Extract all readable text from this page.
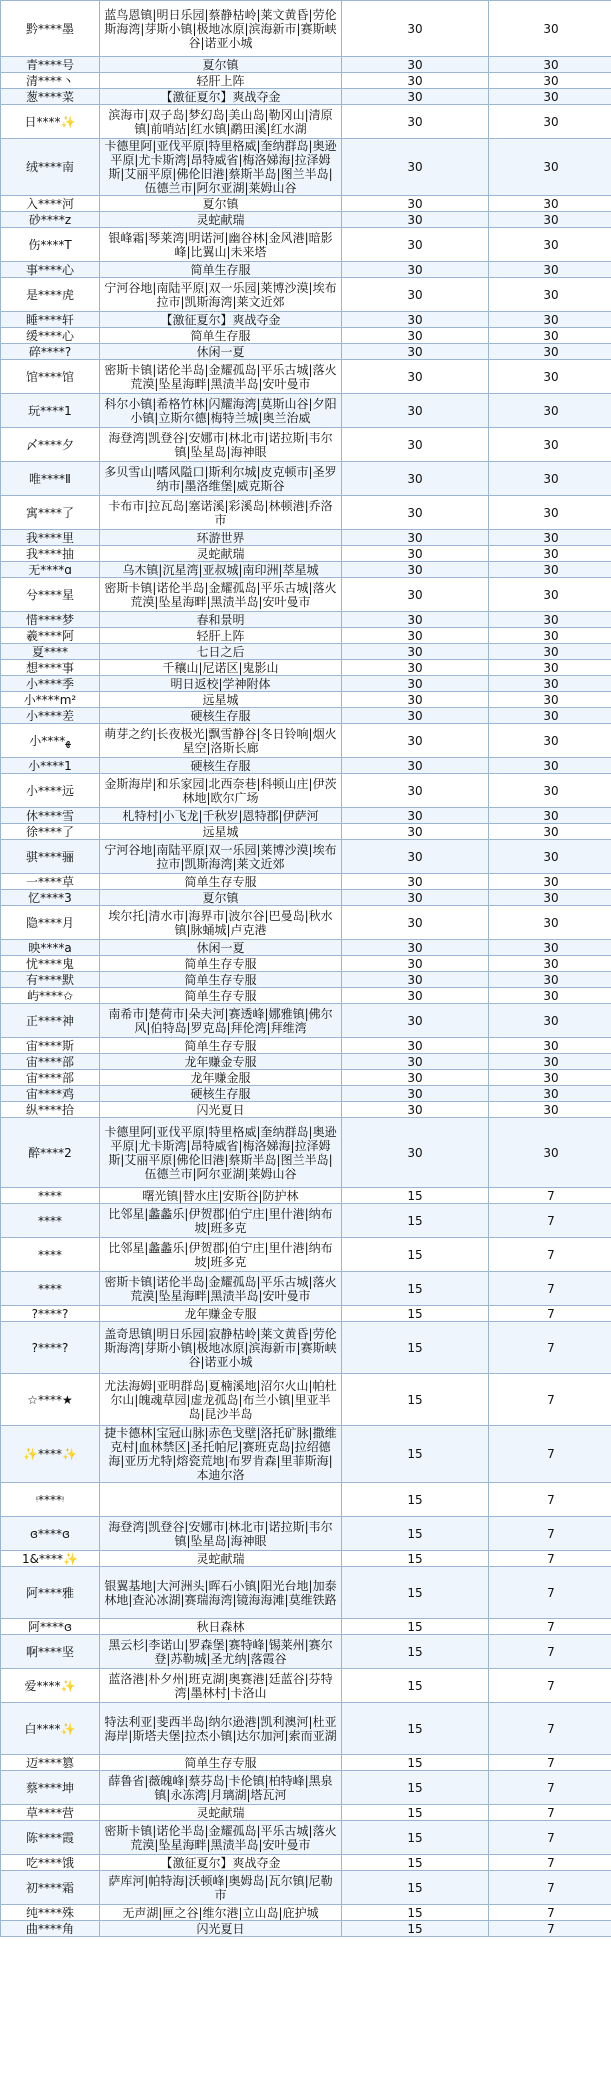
黔****墨	蓝鸟恩镇|明日乐园|蔡静枯岭|莱文黄昏|劳伦斯海湾|芽斯小镇|极地冰原|滨海新市|赛斯峡谷|诺亚小城	30	30
青****号	夏尔镇	30	30
清****丶	轻肝上阵	30	30
葱****菜	【激征夏尔】爽战夺金	30	30
日****✨	滨海市|双子岛|梦幻岛|美山岛|勒冈山|清原镇|前哨站|红水镇|鹬田溪|红水湖	30	30
绒****南	卡德里阿|亚伐平原|特里格威|奎纳群岛|奥逊平原|尤卡斯湾|昂特威省|梅洛娣海|拉泽姆斯|艾丽平原|佛伦旧港|蔡斯半岛|图兰半岛|伍德兰市|阿尔亚湖|莱姆山谷	30	30
入****河	夏尔镇	30	30
砂****z	灵蛇献瑞	30	30
伤****T	银峰霜|琴莱湾|明诺河|幽谷林|金风港|暗影峰|比翼山|未来塔	30	30
事****心	简单生存服	30	30
是****虎	宁河谷地|南陆平原|双一乐园|莱博沙漠|埃布拉市|凯斯海湾|莱文近郊	30	30
睡****轩	【激征夏尔】爽战夺金	30	30
缓****心	简单生存服	30	30
碎****?	休闲一夏	30	30
馆****馆	密斯卡镇|诺伦半岛|金耀孤岛|平乐古城|落火荒漠|坠星海畔|黑渍半岛|安叶曼市	30	30
玩****1	科尔小镇|希格竹林|闪耀海湾|莫斯山谷|夕阳小镇|立斯尔德|梅特兰城|奥兰治威	30	30
〆****夕	海登湾|凯登谷|安娜市|林北市|诺拉斯|韦尔镇|坠星岛|海神眼	30	30
唯****Ⅱ	多贝雪山|嗜风隘口|斯利尔城|皮克顿市|圣罗纳市|墨洛维堡|威克斯谷	30	30
寓****了	卡布市|拉瓦岛|塞诺溪|彩溪岛|林顿港|乔洛市	30	30
我****里	环游世界	30	30
我****抽	灵蛇献瑞	30	30
无****ɑ	乌木镇|沉星湾|亚叔城|南印洲|萃星城	30	30
兮****星	密斯卡镇|诺伦半岛|金耀孤岛|平乐古城|落火荒漠|坠星海畔|黑渍半岛|安叶曼市	30	30
惜****梦	春和景明	30	30
羲****阿	轻肝上阵	30	30
夏****	七日之后	30	30
想****事	千穰山|尼诺区|鬼影山	30	30
小****季	明日返校|学神附体	30	30
小****m²	远星城	30	30
小****差	硬核生存服	30	30
小****ﻬ	萌芽之约|长夜极光|飘雪静谷|冬日铃响|烟火星空|洛斯长廊	30	30
小****1	硬核生存服	30	30
小****远	金斯海岸|和乐家园|北西奈巷|科顿山庄|伊茨林地|欧尔广场	30	30
休****雪	札特村|小飞龙|千秋岁|恩特郡|伊萨河	30	30
徐****了	远星城	30	30
骐****骊	宁河谷地|南陆平原|双一乐园|莱博沙漠|埃布拉市|凯斯海湾|莱文近郊	30	30
一****草	简单生存专服	30	30
忆****3	夏尔镇	30	30
隐****月	埃尔托|清水市|海界市|波尔谷|巴曼岛|秋水镇|脉蛹城|卢克港	30	30
映****a	休闲一夏	30	30
忧****鬼	简单生存专服	30	30
有****默	简单生存专服	30	30
屿****✩	简单生存专服	30	30
正****神	南希市|楚荷市|朵夫河|赛透峰|娜雅镇|佛尔风|伯特岛|罗克岛|拜伦湾|拜维湾	30	30
宙****斯	简单生存专服	30	30
宙****部	龙年赚金专服	30	30
宙****部	龙年赚金服	30	30
宙****鸡	硬核生存服	30	30
纵****拾	闪光夏日	30	30
醉****2	卡德里阿|亚伐平原|特里格威|奎纳群岛|奥逊平原|尤卡斯湾|昂特威省|梅洛娣海|拉泽姆斯|艾丽平原|佛伦旧港|蔡斯半岛|图兰半岛|伍德兰市|阿尔亚湖|莱姆山谷	30	30
****	曙光镇|替水庄|安斯谷|防护林	15	7
****	比邻星|蠡蠡乐|伊贺郡|伯宁庄|里什港|纳布坡|班多克	15	7
****	比邻星|蠡蠡乐|伊贺郡|伯宁庄|里什港|纳布坡|班多克	15	7
****	密斯卡镇|诺伦半岛|金耀孤岛|平乐古城|落火荒漠|坠星海畔|黑渍半岛|安叶曼市	15	7
?****?	龙年赚金专服	15	7
?****?	盖奇思镇|明日乐园|寂静枯岭|莱文黄昏|劳伦斯海湾|芽斯小镇|极地冰原|滨海新市|赛斯峡谷|诺亚小城	15	7
☆****★	尤法海姆|亚明群岛|夏楠溪地|沼尔火山|帕杜尔山|魄魂草园|虚龙孤岛|布兰小镇|里亚半岛|昆沙半岛	15	7
✨****✨	捷卡德林|宝冠山脉|赤色戈壁|洛托矿脉|撒维克村|血林禁区|圣托帕尼|赛班克岛|拉绍德海|亚历尤特|熔瓷荒地|布罗肯森|里菲斯海|本迪尔洛	15	7
ᵎ****ᵎ		15	7
ɞ****ɞ	海登湾|凯登谷|安娜市|林北市|诺拉斯|韦尔镇|坠星岛|海神眼	15	7
1&****✨	灵蛇献瑞	15	7
阿****雅	银翼基地|大河洲头|晖石小镇|阳光台地|加泰林地|查沁冰湖|赛瑞海湾|镜海海滩|莫维铁路	15	7
阿****ɞ	秋日森林	15	7
啊****坚	黑云杉|李诺山|罗森堡|赛特峰|锡莱州|赛尔登|苏勒城|圣尤纳|落霞谷	15	7
爱****✨	蓝洛港|朴夕州|班克湖|奥赛港|廷蓝谷|芬特湾|墨林村|卡洛山	15	7
白****✨	特法利亚|斐西半岛|纳尔逊港|凯利澳河|杜亚海岸|斯塔夫堡|拉杰小镇|达尔加河|索而亚湖	15	7
迈****篡	简单生存专服	15	7
蔡****坤	薛鲁省|薇魄峰|蔡芬岛|卡伦镇|柏特峰|黑泉镇|永冻湾|月璃湖|塔瓦河	15	7
草****营	灵蛇献瑞	15	7
陈****霞	密斯卡镇|诺伦半岛|金耀孤岛|平乐古城|落火荒漠|坠星海畔|黑渍半岛|安叶曼市	15	7
吃****饿	【激征夏尔】爽战夺金	15	7
初****霜	萨库河|帕特海|沃顿峰|奥姆岛|瓦尔镇|尼勒市	15	7
纯****殊	无声湖|匣之谷|维尔港|立山岛|庇护城	15	7
曲****角	闪光夏日	15	7
